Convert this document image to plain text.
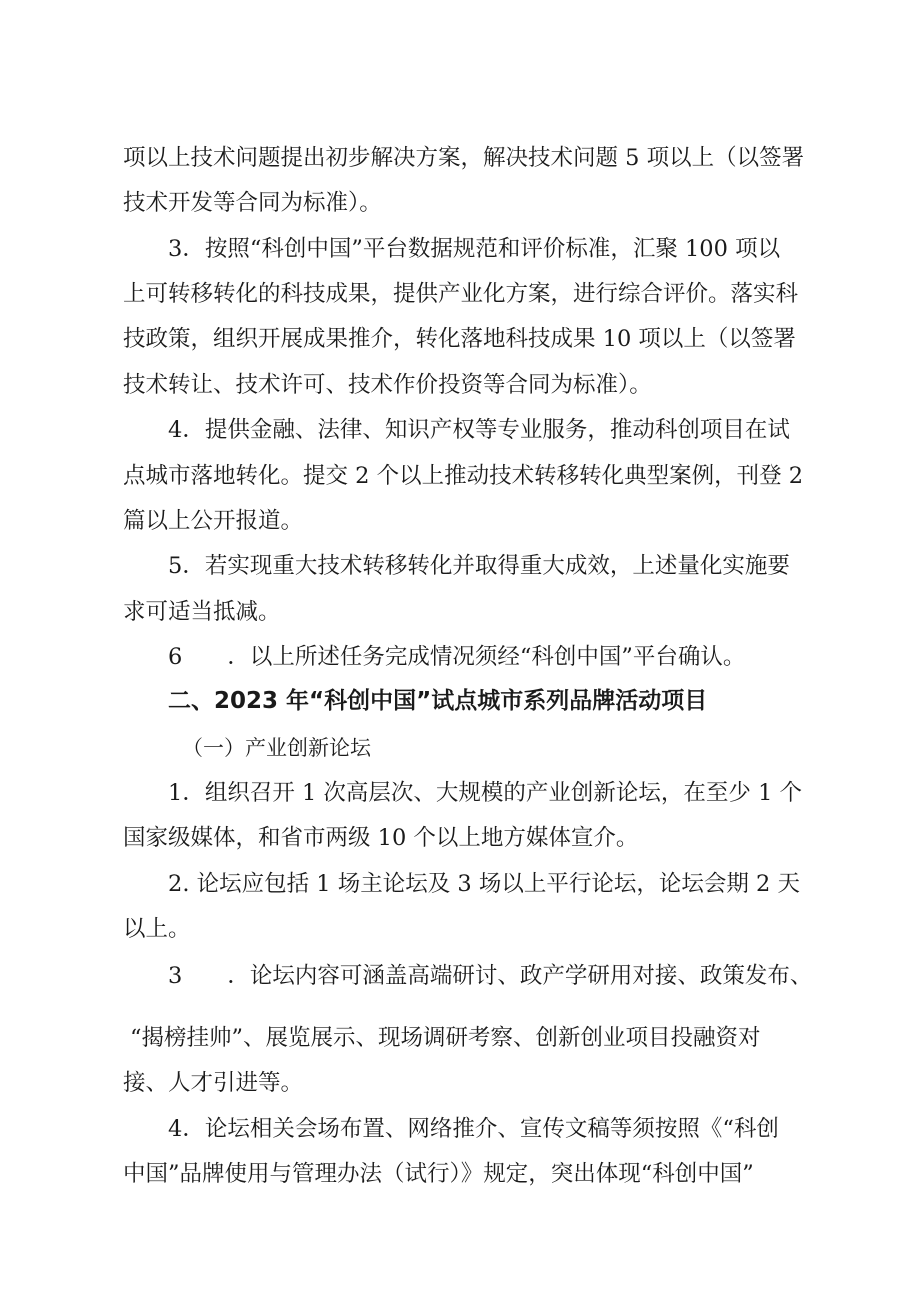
项以上技术问题提出初步解决方案，解决技术问题 5 项以上（以签署
技术开发等合同为标准）。
3．按照“科创中国”平台数据规范和评价标准，汇聚 100 项以
上可转移转化的科技成果，提供产业化方案，进行综合评价。落实科
技政策，组织开展成果推介，转化落地科技成果 10 项以上（以签署
技术转让、技术许可、技术作价投资等合同为标准）。
4．提供金融、法律、知识产权等专业服务，推动科创项目在试
点城市落地转化。提交 2 个以上推动技术转移转化典型案例，刊登 2
篇以上公开报道。
5．若实现重大技术转移转化并取得重大成效，上述量化实施要
求可适当抵减。
6　　．以上所述任务完成情况须经“科创中国”平台确认。
二、2023 年“科创中国”试点城市系列品牌活动项目
（一）产业创新论坛
1．组织召开 1 次高层次、大规模的产业创新论坛，在至少 1 个
国家级媒体，和省市两级 10 个以上地方媒体宣介。
2. 论坛应包括 1 场主论坛及 3 场以上平行论坛，论坛会期 2 天
以上。
3　　．论坛内容可涵盖高端研讨、政产学研用对接、政策发布、
“揭榜挂帅”、展览展示、现场调研考察、创新创业项目投融资对
接、人才引进等。
4．论坛相关会场布置、网络推介、宣传文稿等须按照《“科创
中国”品牌使用与管理办法（试行）》规定，突出体现“科创中国”
